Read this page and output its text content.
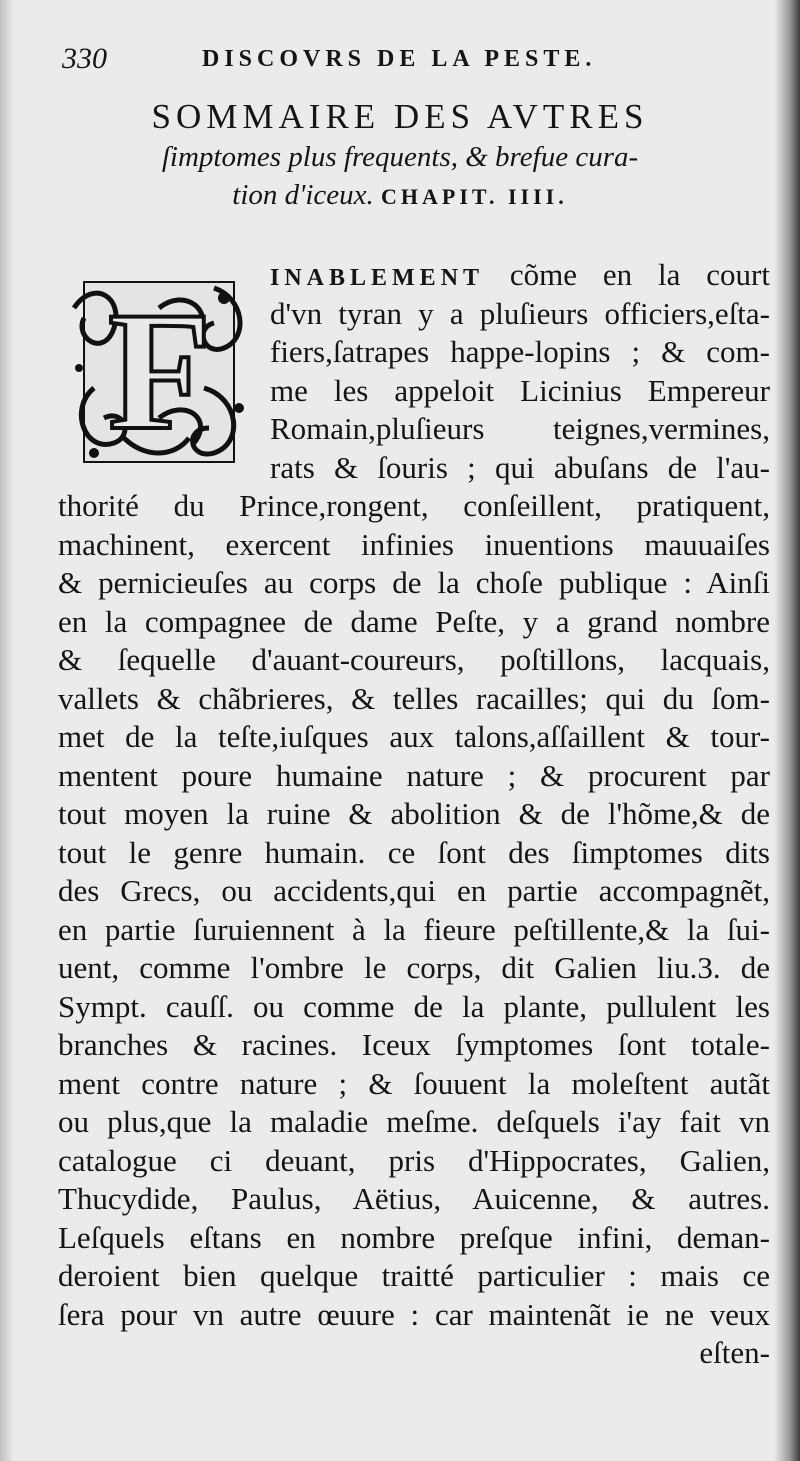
330	DISCOVRS DE LA PESTE.
SOMMAIRE DES AVTRES
ſimptomes plus frequents, & brefue cura-
tion d'iceux. CHAPIT. IIII.
F	INABLEMENT cõme en la court
d'vn tyran y a pluſieurs officiers,eſta-
fiers,ſatrapes happe-lopins ; & com-
me les appeloit Licinius Empereur
Romain,pluſieurs teignes,vermines,
rats & ſouris ; qui abuſans de l'au-
thorité du Prince,rongent, conſeillent, pratiquent,
machinent, exercent infinies inuentions mauuaiſes
& pernicieuſes au corps de la choſe publique : Ainſi
en la compagnee de dame Peſte, y a grand nombre
& ſequelle d'auant-coureurs, poſtillons, lacquais,
vallets & chãbrieres, & telles racailles; qui du ſom-
met de la teſte,iuſques aux talons,aſſaillent & tour-
mentent poure humaine nature ; & procurent par
tout moyen la ruine & abolition & de l'hõme,& de
tout le genre humain. ce ſont des ſimptomes dits
des Grecs, ou accidents,qui en partie accompagnẽt,
en partie ſuruiennent à la fieure peſtillente,& la ſui-
uent, comme l'ombre le corps, dit Galien liu.3. de
Sympt. cauſſ. ou comme de la plante, pullulent les
branches & racines. Iceux ſymptomes ſont totale-
ment contre nature ; & ſouuent la moleſtent autãt
ou plus,que la maladie meſme. deſquels i'ay fait vn
catalogue ci deuant, pris d'Hippocrates, Galien,
Thucydide, Paulus, Aëtius, Auicenne, & autres.
Leſquels eſtans en nombre preſque infini, deman-
deroient bien quelque traitté particulier : mais ce
ſera pour vn autre œuure : car maintenãt ie ne veux
eſten-
